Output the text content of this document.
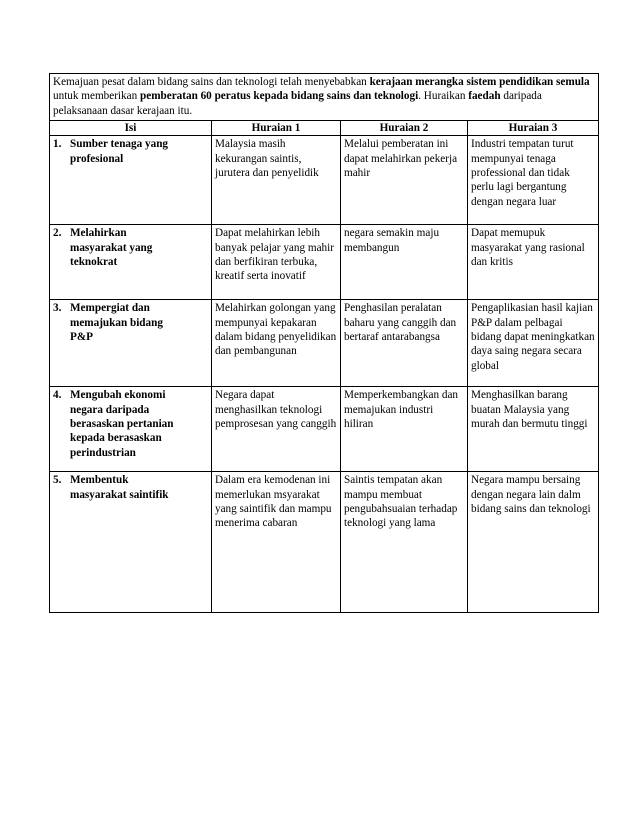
Kemajuan pesat dalam bidang sains dan teknologi telah menyebabkan kerajaan merangka sistem pendidikan semula untuk memberikan pemberatan 60 peratus kepada bidang sains dan teknologi. Huraikan faedah daripada pelaksanaan dasar kerajaan itu.			
Isi	Huraian 1	Huraian 2	Huraian 3
1. Sumber tenaga yang profesional	Malaysia masih kekurangan saintis, jurutera dan penyelidik	Melalui pemberatan ini dapat melahirkan pekerja mahir	Industri tempatan turut mempunyai tenaga professional dan tidak perlu lagi bergantung dengan negara luar
2. Melahirkan masyarakat yang teknokrat	Dapat melahirkan lebih banyak pelajar yang mahir dan berfikiran terbuka, kreatif serta inovatif	negara semakin maju membangun	Dapat memupuk masyarakat yang rasional dan kritis
3. Mempergiat dan memajukan bidang P&P	Melahirkan golongan yang mempunyai kepakaran dalam bidang penyelidikan dan pembangunan	Penghasilan peralatan baharu yang canggih dan bertaraf antarabangsa	Pengaplikasian hasil kajian P&P dalam pelbagai bidang dapat meningkatkan daya saing negara secara global
4. Mengubah ekonomi negara daripada berasaskan pertanian kepada berasaskan perindustrian	Negara dapat menghasilkan teknologi pemprosesan yang canggih	Memperkembangkan dan memajukan industri hiliran	Menghasilkan barang buatan Malaysia yang murah dan bermutu tinggi
5. Membentuk masyarakat saintifik	Dalam era kemodenan ini memerlukan msyarakat yang saintifik dan mampu menerima cabaran	Saintis tempatan akan mampu membuat pengubahsuaian terhadap teknologi yang lama	Negara mampu bersaing dengan negara lain dalm bidang sains dan teknologi
